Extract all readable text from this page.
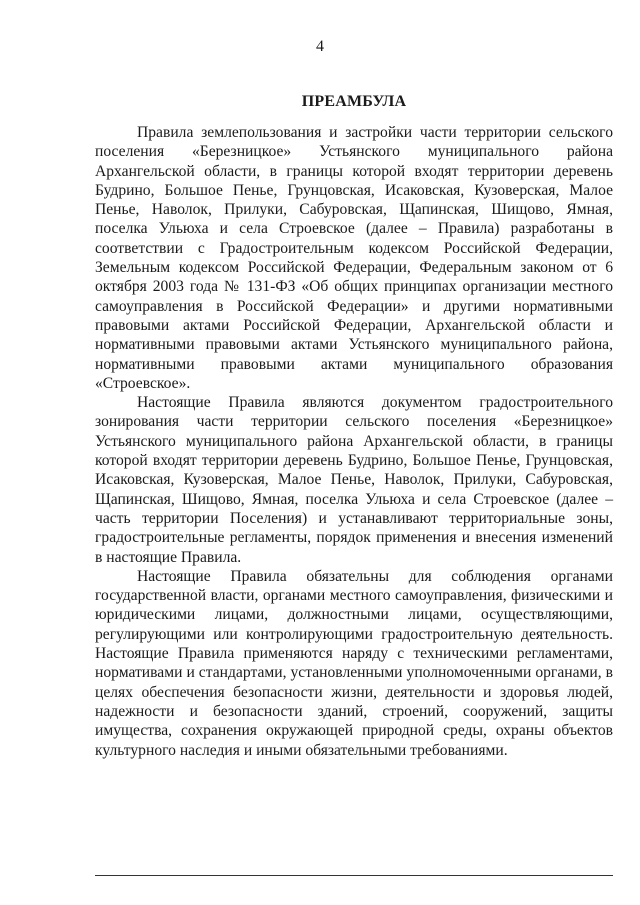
4
ПРЕАМБУЛА

Правила землепользования и застройки части территории сельского поселения «Березницкое» Устьянского муниципального района Архангельской области, в границы которой входят территории деревень Будрино, Большое Пенье, Грунцовская, Исаковская, Кузоверская, Малое Пенье, Наволок, Прилуки, Сабуровская, Щапинская, Шищово, Ямная, поселка Ульюха и села Строевское (далее – Правила) разработаны в соответствии с Градостроительным кодексом Российской Федерации, Земельным кодексом Российской Федерации, Федеральным законом от 6 октября 2003 года № 131-ФЗ «Об общих принципах организации местного самоуправления в Российской Федерации» и другими нормативными правовыми актами Российской Федерации, Архангельской области и нормативными правовыми актами Устьянского муниципального района, нормативными правовыми актами муниципального образования «Строевское».

Настоящие Правила являются документом градостроительного зонирования части территории сельского поселения «Березницкое» Устьянского муниципального района Архангельской области, в границы которой входят территории деревень Будрино, Большое Пенье, Грунцовская, Исаковская, Кузоверская, Малое Пенье, Наволок, Прилуки, Сабуровская, Щапинская, Шищово, Ямная, поселка Ульюха и села Строевское (далее – часть территории Поселения) и устанавливают территориальные зоны, градостроительные регламенты, порядок применения и внесения изменений в настоящие Правила.

Настоящие Правила обязательны для соблюдения органами государственной власти, органами местного самоуправления, физическими и юридическими лицами, должностными лицами, осуществляющими, регулирующими или контролирующими градостроительную деятельность. Настоящие Правила применяются наряду с техническими регламентами, нормативами и стандартами, установленными уполномоченными органами, в целях обеспечения безопасности жизни, деятельности и здоровья людей, надежности и безопасности зданий, строений, сооружений, защиты имущества, сохранения окружающей природной среды, охраны объектов культурного наследия и иными обязательными требованиями.
